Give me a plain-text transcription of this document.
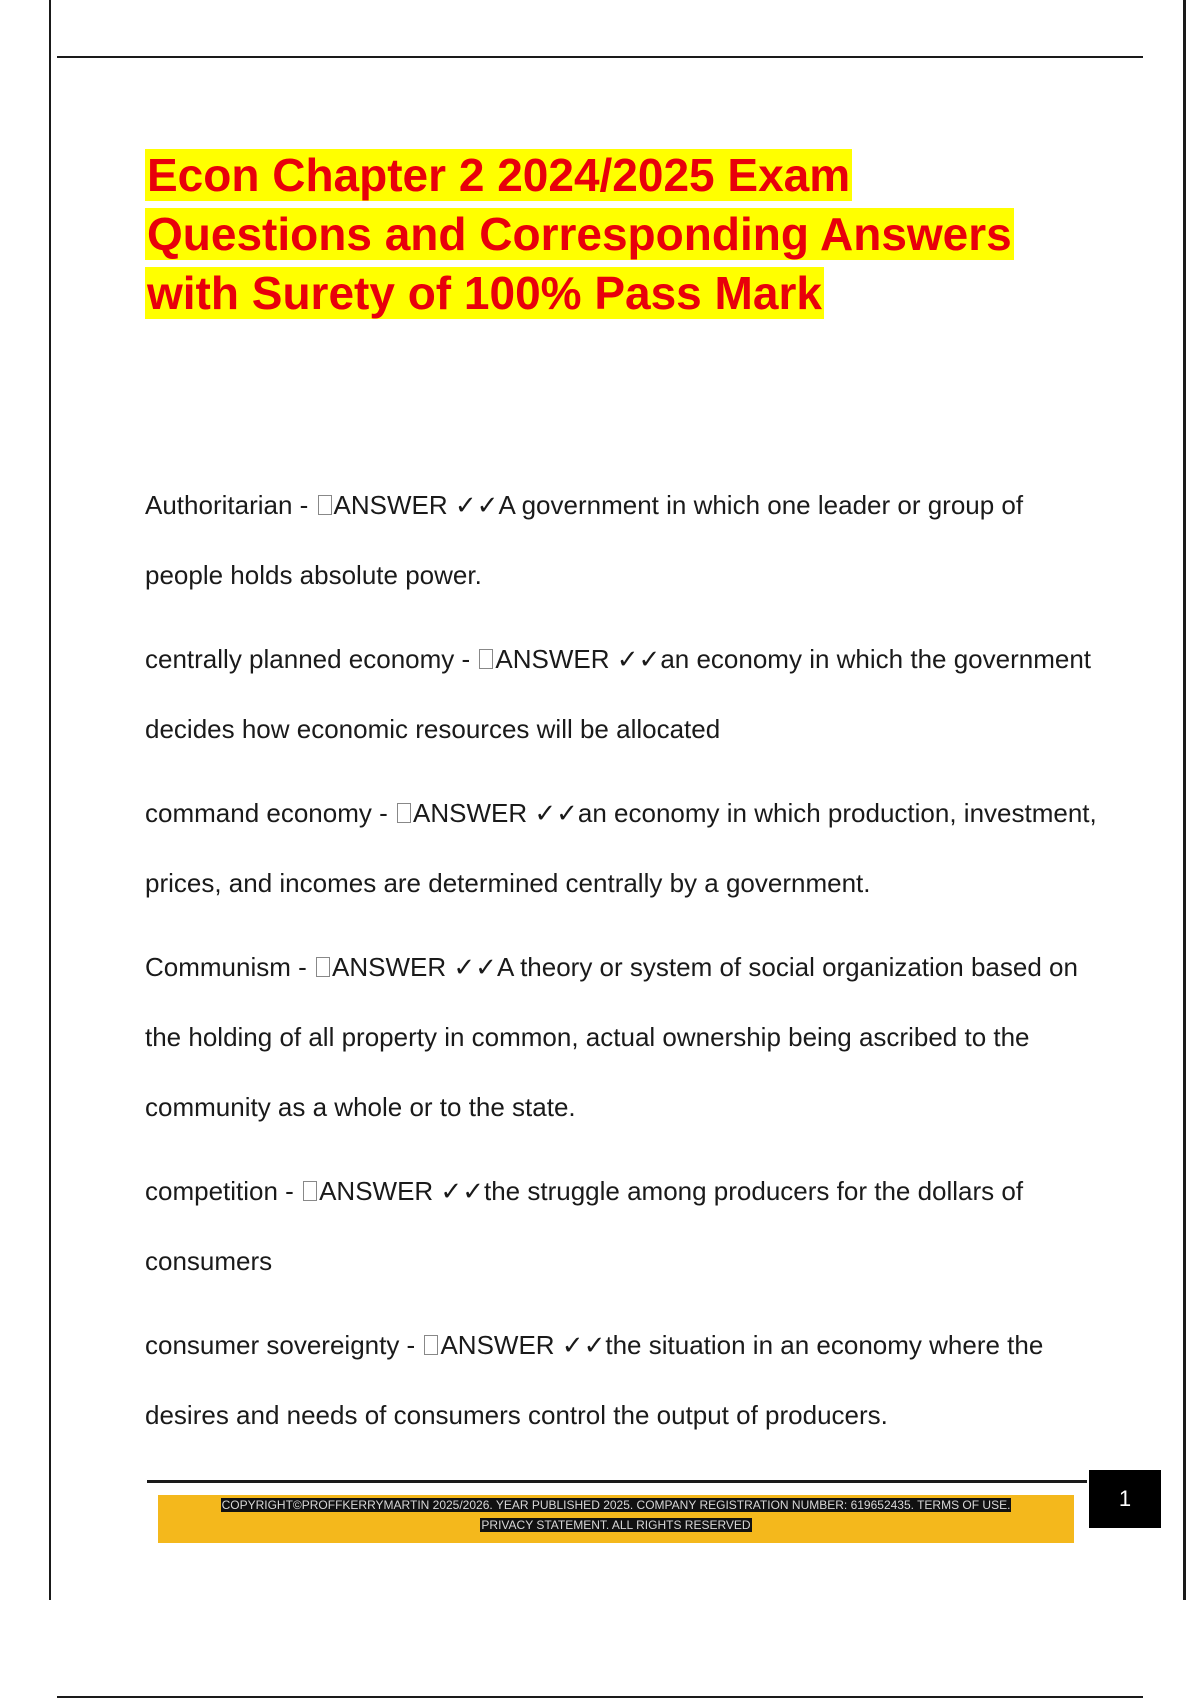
Econ Chapter 2 2024/2025 Exam
Questions and Corresponding Answers
with Surety of 100% Pass Mark

Authoritarian - ANSWER ✓✓A government in which one leader or group of people holds absolute power.

centrally planned economy - ANSWER ✓✓an economy in which the government decides how economic resources will be allocated

command economy - ANSWER ✓✓an economy in which production, investment, prices, and incomes are determined centrally by a government.

Communism - ANSWER ✓✓A theory or system of social organization based on the holding of all property in common, actual ownership being ascribed to the community as a whole or to the state.

competition - ANSWER ✓✓the struggle among producers for the dollars of consumers

consumer sovereignty - ANSWER ✓✓the situation in an economy where the desires and needs of consumers control the output of producers.

COPYRIGHT©PROFFKERRYMARTIN 2025/2026. YEAR PUBLISHED 2025. COMPANY REGISTRATION NUMBER: 619652435. TERMS OF USE.
PRIVACY STATEMENT. ALL RIGHTS RESERVED
1
